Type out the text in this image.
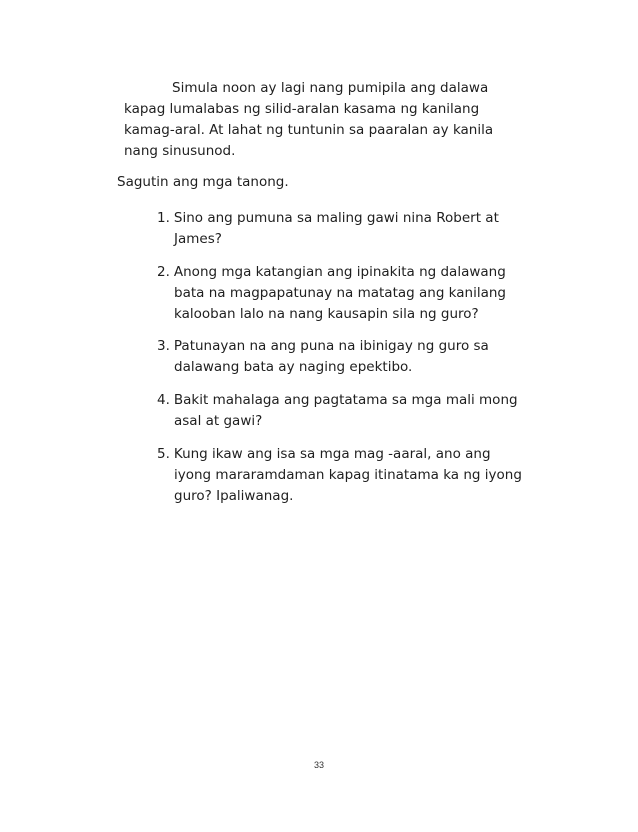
Simula noon ay lagi nang pumipila ang dalawa
kapag lumalabas ng silid-aralan kasama ng kanilang
kamag-aral. At lahat ng tuntunin sa paaralan ay kanila
nang sinusunod.

Sagutin ang mga tanong.

1. Sino ang pumuna sa maling gawi nina Robert at
James?
2. Anong mga katangian ang ipinakita ng dalawang
bata na magpapatunay na matatag ang kanilang
kalooban lalo na nang kausapin sila ng guro?
3. Patunayan na ang puna na ibinigay ng guro sa
dalawang bata ay naging epektibo.
4. Bakit mahalaga ang pagtatama sa mga mali mong
asal at gawi?
5. Kung ikaw ang isa sa mga mag -aaral, ano ang
iyong mararamdaman kapag itinatama ka ng iyong
guro? Ipaliwanag.
33
